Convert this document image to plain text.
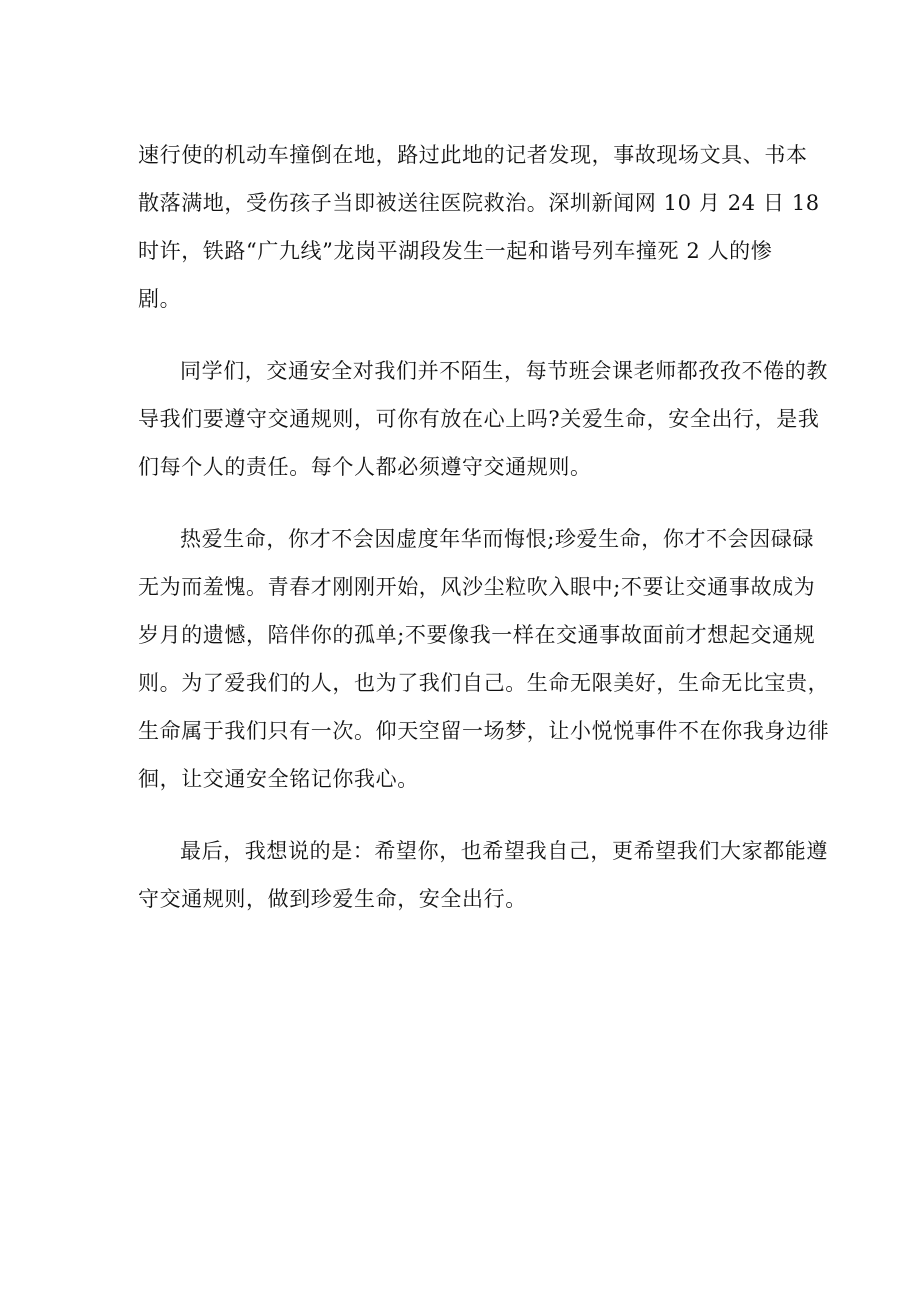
速行使的机动车撞倒在地，路过此地的记者发现，事故现场文具、书本
散落满地，受伤孩子当即被送往医院救治。深圳新闻网 10 月 24 日 18
时许，铁路“广九线”龙岗平湖段发生一起和谐号列车撞死 2 人的惨
剧。

同学们，交通安全对我们并不陌生，每节班会课老师都孜孜不倦的教
导我们要遵守交通规则，可你有放在心上吗?关爱生命，安全出行，是我
们每个人的责任。每个人都必须遵守交通规则。

热爱生命，你才不会因虚度年华而悔恨;珍爱生命，你才不会因碌碌
无为而羞愧。青春才刚刚开始，风沙尘粒吹入眼中;不要让交通事故成为
岁月的遗憾，陪伴你的孤单;不要像我一样在交通事故面前才想起交通规
则。为了爱我们的人，也为了我们自己。生命无限美好，生命无比宝贵，
生命属于我们只有一次。仰天空留一场梦，让小悦悦事件不在你我身边徘
徊，让交通安全铭记你我心。

最后，我想说的是：希望你，也希望我自己，更希望我们大家都能遵
守交通规则，做到珍爱生命，安全出行。
